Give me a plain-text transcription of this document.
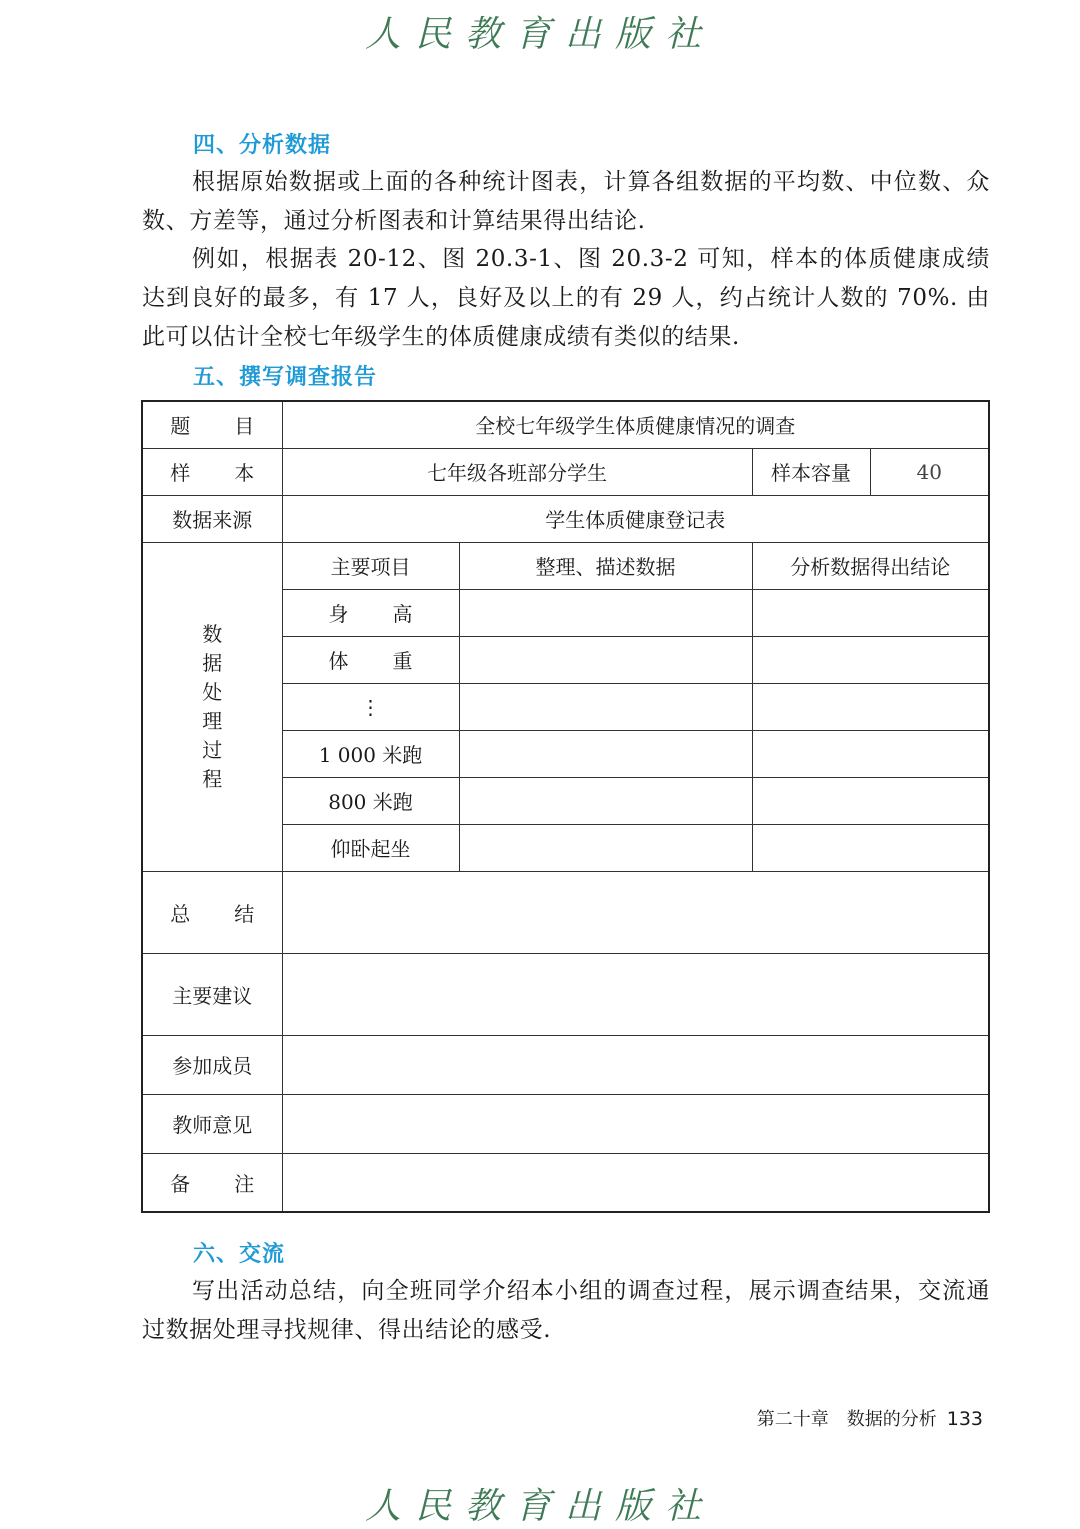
人民教育出版社
四、分析数据
根据原始数据或上面的各种统计图表，计算各组数据的平均数、中位数、众数、方差等，通过分析图表和计算结果得出结论.
例如，根据表 20-12、图 20.3-1、图 20.3-2 可知，样本的体质健康成绩达到良好的最多，有 17 人，良好及以上的有 29 人，约占统计人数的 70%. 由此可以估计全校七年级学生的体质健康成绩有类似的结果.
五、撰写调查报告
题　目	全校七年级学生体质健康情况的调查			
样　本	七年级各班部分学生		样本容量	40
数据来源	学生体质健康登记表			
数据处理过程	主要项目	整理、描述数据	分析数据得出结论	
	身　高			
	体　重			
	⋮			
	1 000 米跑			
	800 米跑			
	仰卧起坐			
总　结				
主要建议				
参加成员				
教师意见				
备　注				
六、交流
写出活动总结，向全班同学介绍本小组的调查过程，展示调查结果，交流通过数据处理寻找规律、得出结论的感受.
第二十章　数据的分析 133
人民教育出版社
